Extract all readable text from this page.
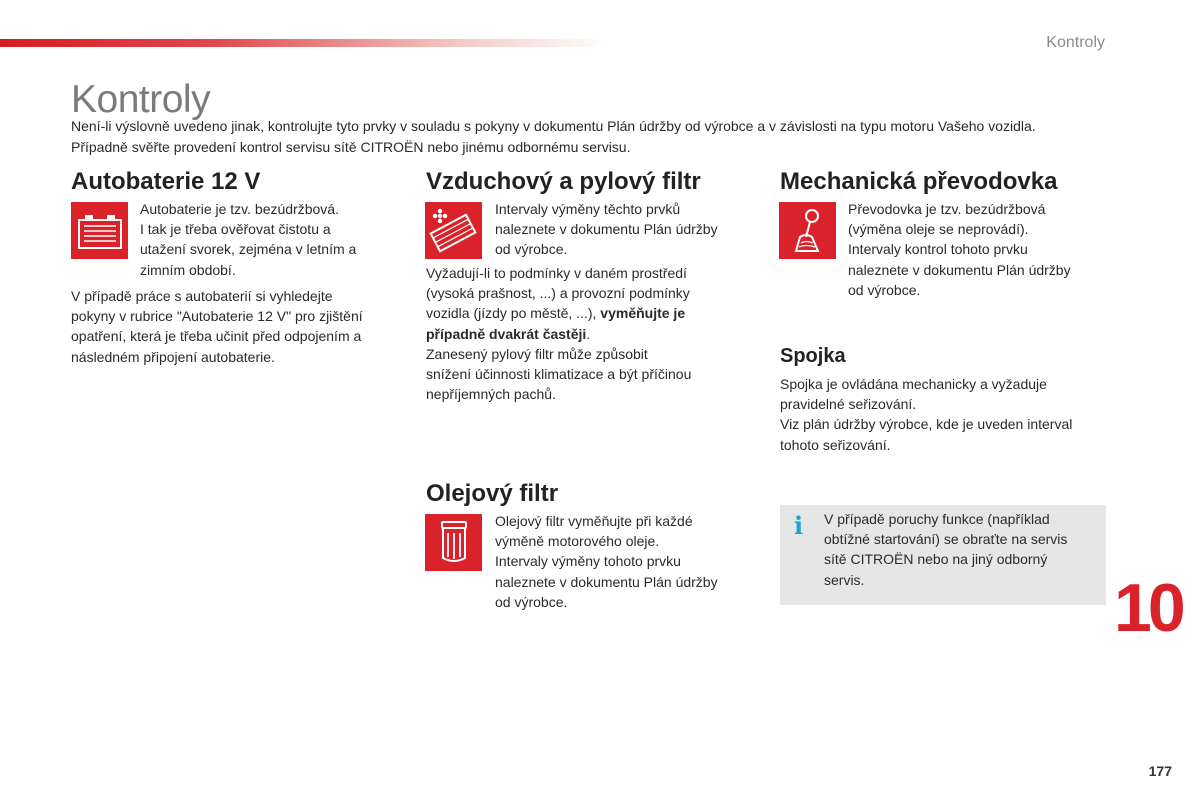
Kontroly
Kontroly

Není-li výslovně uvedeno jinak, kontrolujte tyto prvky v souladu s pokyny v dokumentu Plán údržby od výrobce a v závislosti na typu motoru Vašeho vozidla.

Případně svěřte provedení kontrol servisu sítě CITROËN nebo jinému odbornému servisu.

Autobaterie 12 V

Autobaterie je tzv. bezúdržbová.

I tak je třeba ověřovat čistotu a

utažení svorek, zejména v letním a

zimním období.

V případě práce s autobaterií si vyhledejte

pokyny v rubrice "Autobaterie 12 V" pro zjištění

opatření, která je třeba učinit před odpojením a

následném připojení autobaterie.

Vzduchový a pylový filtr

Intervaly výměny těchto prvků

naleznete v dokumentu Plán údržby

od výrobce.

Vyžadují-li to podmínky v daném prostředí

(vysoká prašnost, ...) a provozní podmínky

vozidla (jízdy po městě, ...), vyměňujte je

případně dvakrát častěji.

Zanesený pylový filtr může způsobit

snížení účinnosti klimatizace a být příčinou

nepříjemných pachů.

Olejový filtr

Olejový filtr vyměňujte při každé

výměně motorového oleje.

Intervaly výměny tohoto prvku

naleznete v dokumentu Plán údržby

od výrobce.

Mechanická převodovka

Převodovka je tzv. bezúdržbová

(výměna oleje se neprovádí).

Intervaly kontrol tohoto prvku

naleznete v dokumentu Plán údržby

od výrobce.

Spojka

Spojka je ovládána mechanicky a vyžaduje

pravidelné seřizování.

Viz plán údržby výrobce, kde je uveden interval

tohoto seřizování.

i V případě poruchy funkce (například

obtížné startování) se obraťte na servis

sítě CITROËN nebo na jiný odborný

servis.	10
177
